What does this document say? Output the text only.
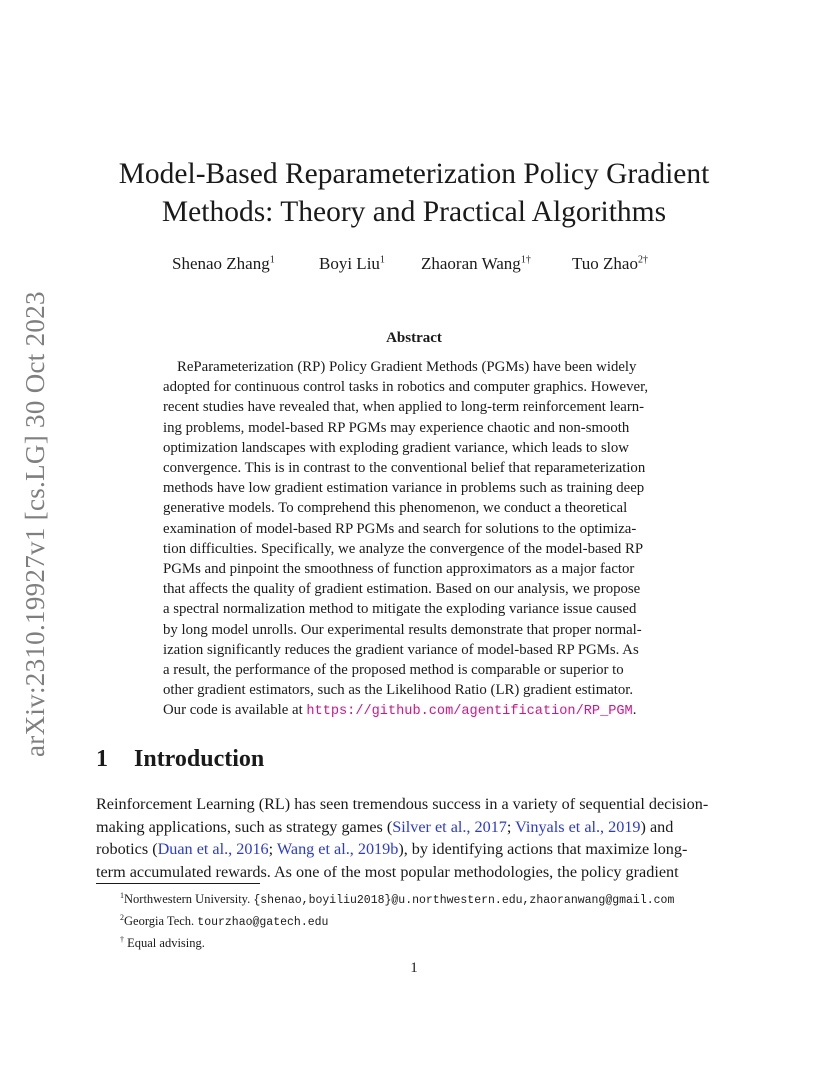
arXiv:2310.19927v1 [cs.LG] 30 Oct 2023
Model-Based Reparameterization Policy Gradient
Methods: Theory and Practical Algorithms
Shenao Zhang$^1$	Boyi Liu$^1$ Zhaoran Wang$^{1\dagger}$ Tuo Zhao$^{2\dagger}$
Abstract
ReParameterization (RP) Policy Gradient Methods (PGMs) have been widely
adopted for continuous control tasks in robotics and computer graphics. However,
recent studies have revealed that, when applied to long-term reinforcement learn-
ing problems, model-based RP PGMs may experience chaotic and non-smooth
optimization landscapes with exploding gradient variance, which leads to slow
convergence. This is in contrast to the conventional belief that reparameterization
methods have low gradient estimation variance in problems such as training deep
generative models. To comprehend this phenomenon, we conduct a theoretical
examination of model-based RP PGMs and search for solutions to the optimiza-
tion difficulties. Specifically, we analyze the convergence of the model-based RP
PGMs and pinpoint the smoothness of function approximators as a major factor
that affects the quality of gradient estimation. Based on our analysis, we propose
a spectral normalization method to mitigate the exploding variance issue caused
by long model unrolls. Our experimental results demonstrate that proper normal-
ization significantly reduces the gradient variance of model-based RP PGMs. As
a result, the performance of the proposed method is comparable or superior to
other gradient estimators, such as the Likelihood Ratio (LR) gradient estimator.
Our code is available at https://github.com/agentification/RP_PGM.
1 Introduction
Reinforcement Learning (RL) has seen tremendous success in a variety of sequential decision-
making applications, such as strategy games (Silver et al., 2017; Vinyals et al., 2019) and
robotics (Duan et al., 2016; Wang et al., 2019b), by identifying actions that maximize long-
term accumulated rewards. As one of the most popular methodologies, the policy gradient
$^1$Northwestern University. {shenao,boyiliu2018}@u.northwestern.edu,zhaoranwang@gmail.com
$^2$Georgia Tech. tourzhao@gatech.edu
† Equal advising.
1
